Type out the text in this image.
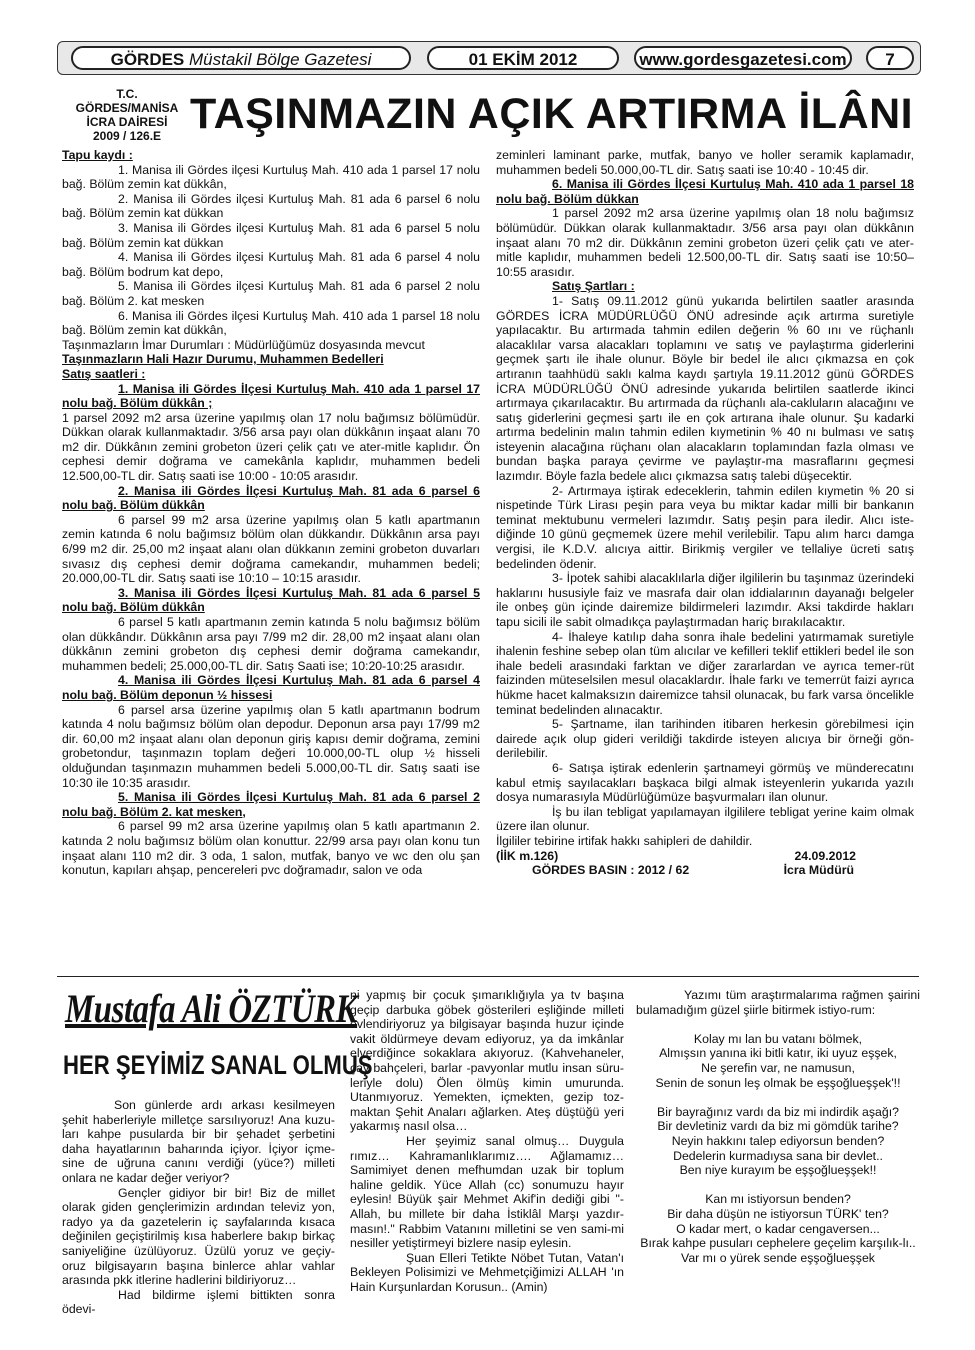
GÖRDES Müstakil Bölge Gazetesi	01 EKİM 2012	www.gordesgazetesi.com	7
T.C.
GÖRDES/MANİSA
İCRA DAİRESİ
2009 / 126.E TAŞINMAZIN AÇIK ARTIRMA İLÂNI

Tapu kaydı :

1. Manisa ili Gördes ilçesi Kurtuluş Mah. 410 ada 1 parsel 17 nolu bağ. Bölüm zemin kat dükkân,

2. Manisa ili Gördes ilçesi Kurtuluş Mah. 81 ada 6 parsel 6 nolu bağ. Bölüm zemin kat dükkan

3. Manisa ili Gördes ilçesi Kurtuluş Mah. 81 ada 6 parsel 5 nolu bağ. Bölüm zemin kat dükkan

4. Manisa ili Gördes ilçesi Kurtuluş Mah. 81 ada 6 parsel 4 nolu bağ. Bölüm bodrum kat depo,

5. Manisa ili Gördes ilçesi Kurtuluş Mah. 81 ada 6 parsel 2 nolu bağ. Bölüm 2. kat mesken

6. Manisa ili Gördes ilçesi Kurtuluş Mah. 410 ada 1 parsel 18 nolu bağ. Bölüm zemin kat dükkân,

Taşınmazların İmar Durumları : Müdürlüğümüz dosyasında mevcut

Taşınmazların Hali Hazır Durumu, Muhammen Bedelleri

Satış saatleri :

1. Manisa ili Gördes İlçesi Kurtuluş Mah. 410 ada 1 parsel 17 nolu bağ. Bölüm dükkân ;

1 parsel 2092 m2 arsa üzerine yapılmış olan 17 nolu bağımsız bölümüdür. Dükkan olarak kullanmaktadır. 3/56 arsa payı olan dükkânın inşaat alanı 70 m2 dir. Dükkânın zemini grobeton üzeri çelik çatı ve ater-mitle kaplıdır. Ön cephesi demir doğrama ve camekânla kaplıdır, muhammen bedeli 12.500,00-TL dir. Satış saati ise 10:00 - 10:05 arasıdır.

2. Manisa ili Gördes İlçesi Kurtuluş Mah. 81 ada 6 parsel 6 nolu bağ. Bölüm dükkân

6 parsel 99 m2 arsa üzerine yapılmış olan 5 katlı apartmanın zemin katında 6 nolu bağımsız bölüm olan dükkandır. Dükkânın arsa payı 6/99 m2 dir. 25,00 m2 inşaat alanı olan dükkanın zemini grobeton duvarları sıvasız dış cephesi demir doğrama camekandır, muhammen bedeli; 20.000,00-TL dir. Satış saati ise 10:10 – 10:15 arasıdır.

3. Manisa ili Gördes İlçesi Kurtuluş Mah. 81 ada 6 parsel 5 nolu bağ. Bölüm dükkân

6 parsel 5 katlı apartmanın zemin katında 5 nolu bağımsız bölüm olan dükkândır. Dükkânın arsa payı 7/99 m2 dir. 28,00 m2 inşaat alanı olan dükkânın zemini grobeton dış cephesi demir doğrama camekandır, muhammen bedeli; 25.000,00-TL dir. Satış Saati ise; 10:20-10:25 arasıdır.

4. Manisa ili Gördes İlçesi Kurtuluş Mah. 81 ada 6 parsel 4 nolu bağ. Bölüm deponun ½ hissesi

6 parsel arsa üzerine yapılmış olan 5 katlı apartmanın bodrum katında 4 nolu bağımsız bölüm olan depodur. Deponun arsa payı 17/99 m2 dir. 60,00 m2 inşaat alanı olan deponun giriş kapısı demir doğrama, zemini grobetondur, taşınmazın toplam değeri 10.000,00-TL olup ½ hisseli olduğundan taşınmazın muhammen bedeli 5.000,00-TL dir. Satış saati ise 10:30 ile 10:35 arasıdır.

5. Manisa ili Gördes İlçesi Kurtuluş Mah. 81 ada 6 parsel 2 nolu bağ. Bölüm 2. kat mesken,

6 parsel 99 m2 arsa üzerine yapılmış olan 5 katlı apartmanın 2. katında 2 nolu bağımsız bölüm olan konuttur. 22/99 arsa payı olan konu tun inşaat alanı 110 m2 dir. 3 oda, 1 salon, mutfak, banyo ve wc den olu şan konutun, kapıları ahşap, pencereleri pvc doğramadır, salon ve oda

zeminleri laminant parke, mutfak, banyo ve holler seramik kaplamadır, muhammen bedeli 50.000,00-TL dir. Satış saati ise 10:40 - 10:45 dir.

6. Manisa ili Gördes İlçesi Kurtuluş Mah. 410 ada 1 parsel 18 nolu bağ. Bölüm dükkan

1 parsel 2092 m2 arsa üzerine yapılmış olan 18 nolu bağımsız bölümüdür. Dükkan olarak kullanmaktadır. 3/56 arsa payı olan dükkânın inşaat alanı 70 m2 dir. Dükkânın zemini grobeton üzeri çelik çatı ve ater-mitle kaplıdır, muhammen bedeli 12.500,00-TL dir. Satış saati ise 10:50–10:55 arasıdır.

Satış Şartları :

1- Satış 09.11.2012 günü yukarıda belirtilen saatler arasında GÖRDES İCRA MÜDÜRLÜĞÜ ÖNÜ adresinde açık artırma suretiyle yapılacaktır. Bu artırmada tahmin edilen değerin % 60 ını ve rüçhanlı alacaklılar varsa alacakları toplamını ve satış ve paylaştırma giderlerini geçmek şartı ile ihale olunur. Böyle bir bedel ile alıcı çıkmazsa en çok artıranın taahhüdü saklı kalma kaydı şartıyla 19.11.2012 günü GÖRDES İCRA MÜDÜRLÜĞÜ ÖNÜ adresinde yukarıda belirtilen saatlerde ikinci artırmaya çıkarılacaktır. Bu artırmada da rüçhanlı ala-cakluların alacağını ve satış giderlerini geçmesi şartı ile en çok artırana ihale olunur. Şu kadarki artırma bedelinin malın tahmin edilen kıymetinin % 40 nı bulması ve satış isteyenin alacağına rüçhanı olan alacakların toplamından fazla olması ve bundan başka paraya çevirme ve paylaştır-ma masraflarını geçmesi lazımdır. Böyle fazla bedele alıcı çıkmazsa satış talebi düşecektir.

2- Artırmaya iştirak edeceklerin, tahmin edilen kıymetin % 20 si nispetinde Türk Lirası peşin para veya bu miktar kadar milli bir bankanın teminat mektubunu vermeleri lazımdır. Satış peşin para iledir. Alıcı iste-diğinde 10 günü geçmemek üzere mehil verilebilir. Tapu alım harcı damga vergisi, ile K.D.V. alıcıya aittir. Birikmiş vergiler ve tellaliye ücreti satış bedelinden ödenir.

3- İpotek sahibi alacaklılarla diğer ilgililerin bu taşınmaz üzerindeki haklarını hususiyle faiz ve masrafa dair olan iddialarının dayanağı belgeler ile onbeş gün içinde dairemize bildirmeleri lazımdır. Aksi takdirde hakları tapu sicili ile sabit olmadıkça paylaştırmadan hariç bırakılacaktır.

4- İhaleye katılıp daha sonra ihale bedelini yatırmamak suretiyle ihalenin feshine sebep olan tüm alıcılar ve kefilleri teklif ettikleri bedel ile son ihale bedeli arasındaki farktan ve diğer zararlardan ve ayrıca temer-rüt faizinden müteselsilen mesul olacaklardır. İhale farkı ve temerrüt faizi ayrıca hükme hacet kalmaksızın dairemizce tahsil olunacak, bu fark varsa öncelikle teminat bedelinden alınacaktır.

5- Şartname, ilan tarihinden itibaren herkesin görebilmesi için dairede açık olup gideri verildiği takdirde isteyen alıcıya bir örneği gön-derilebilir.

6- Satışa iştirak edenlerin şartnameyi görmüş ve münderecatını kabul etmiş sayılacakları başkaca bilgi almak isteyenlerin yukarıda yazılı dosya numarasıyla Müdürlüğümüze başvurmaları ilan olunur.

İş bu ilan tebligat yapılamayan ilgililere tebligat yerine kaim olmak üzere ilan olunur.

İlgililer tebirine irtifak hakkı sahipleri de dahildir.

(İİK m.126)	24.09.2012
GÖRDES BASIN : 2012 / 62	İcra Müdürü
Mustafa Ali ÖZTÜRK
HER ŞEYİMİZ SANAL OLMUŞ

Son günlerde ardı arkası kesilmeyen şehit haberleriyle milletçe sarsılıyoruz! Ana kuzu-ları kahpe pusularda bir bir şehadet şerbetini daha hayatlarının baharında içiyor. İçiyor içme-sine de uğruna canını verdiği (yüce?) milleti onlara ne kadar değer veriyor?

Gençler gidiyor bir bir! Biz de millet olarak giden gençlerimizin ardından televiz yon, radyo ya da gazetelerin iç sayfalarında kısaca değinilen geçiştirilmiş kısa haberlere bakıp birkaç saniyeliğine üzülüyoruz. Üzülü yoruz ve geçiy-oruz bilgisayarın başına binlerce ahlar vahlar arasında pkk itlerine hadlerini bildiriyoruz…

Had bildirme işlemi bittikten sonra ödevi-

ni yapmış bir çocuk şımarıklığıyla ya tv başına geçip darbuka göbek gösterileri eşliğinde milleti evlendiriyoruz ya bilgisayar başında huzur içinde vakit öldürmeye devam ediyoruz, ya da imkânlar elverdiğince sokaklara akıyoruz. (Kahvehaneler, çay bahçeleri, barlar -pavyonlar mutlu insan süru-leriyle dolu) Ölen ölmüş kimin umurunda. Utanmıyoruz. Yemekten, içmekten, gezip toz-maktan Şehit Anaları ağlarken. Ateş düştüğü yeri yakarmış nasıl olsa…

Her şeyimiz sanal olmuş… Duygula rımız… Kahramanlıklarımız…. Ağlamamız… Samimiyet denen mefhumdan uzak bir toplum haline geldik. Yüce Allah (cc) sonumuzu hayır eylesin! Büyük şair Mehmet Akif'in dediği gibi "-Allah, bu millete bir daha İstiklâl Marşı yazdır-masın!." Rabbim Vatanını milletini se ven sami-mi nesiller yetiştirmeyi bizlere nasip eylesin.

Şuan Elleri Tetikte Nöbet Tutan, Vatan'ı Bekleyen Polisimizi ve Mehmetçiğimizi ALLAH 'ın Hain Kurşunlardan Korusun.. (Amin)

Yazımı tüm araştırmalarıma rağmen şairini bulamadığım güzel şiirle bitirmek istiyo-rum:

Kolay mı lan bu vatanı bölmek,

Almışsın yanına iki bitli katır, iki uyuz eşşek,

Ne şerefin var, ne namusun,

Senin de sonun leş olmak be eşşoğlueşşek'!!

Bir bayrağınız vardı da biz mi indirdik aşağı?

Bir devletiniz vardı da biz mi gömdük tarihe?

Neyin hakkını talep ediyorsun benden?

Dedelerin kurmadıysa sana bir devlet..

Ben niye kurayım be eşşoğlueşşek!!

Kan mı istiyorsun benden?

Bir daha düşün ne istiyorsun TÜRK' ten?

O kadar mert, o kadar cengaversen...

Bırak kahpe pusuları cephelere geçelim karşılık-lı..

Var mı o yürek sende eşşoğlueşşek
